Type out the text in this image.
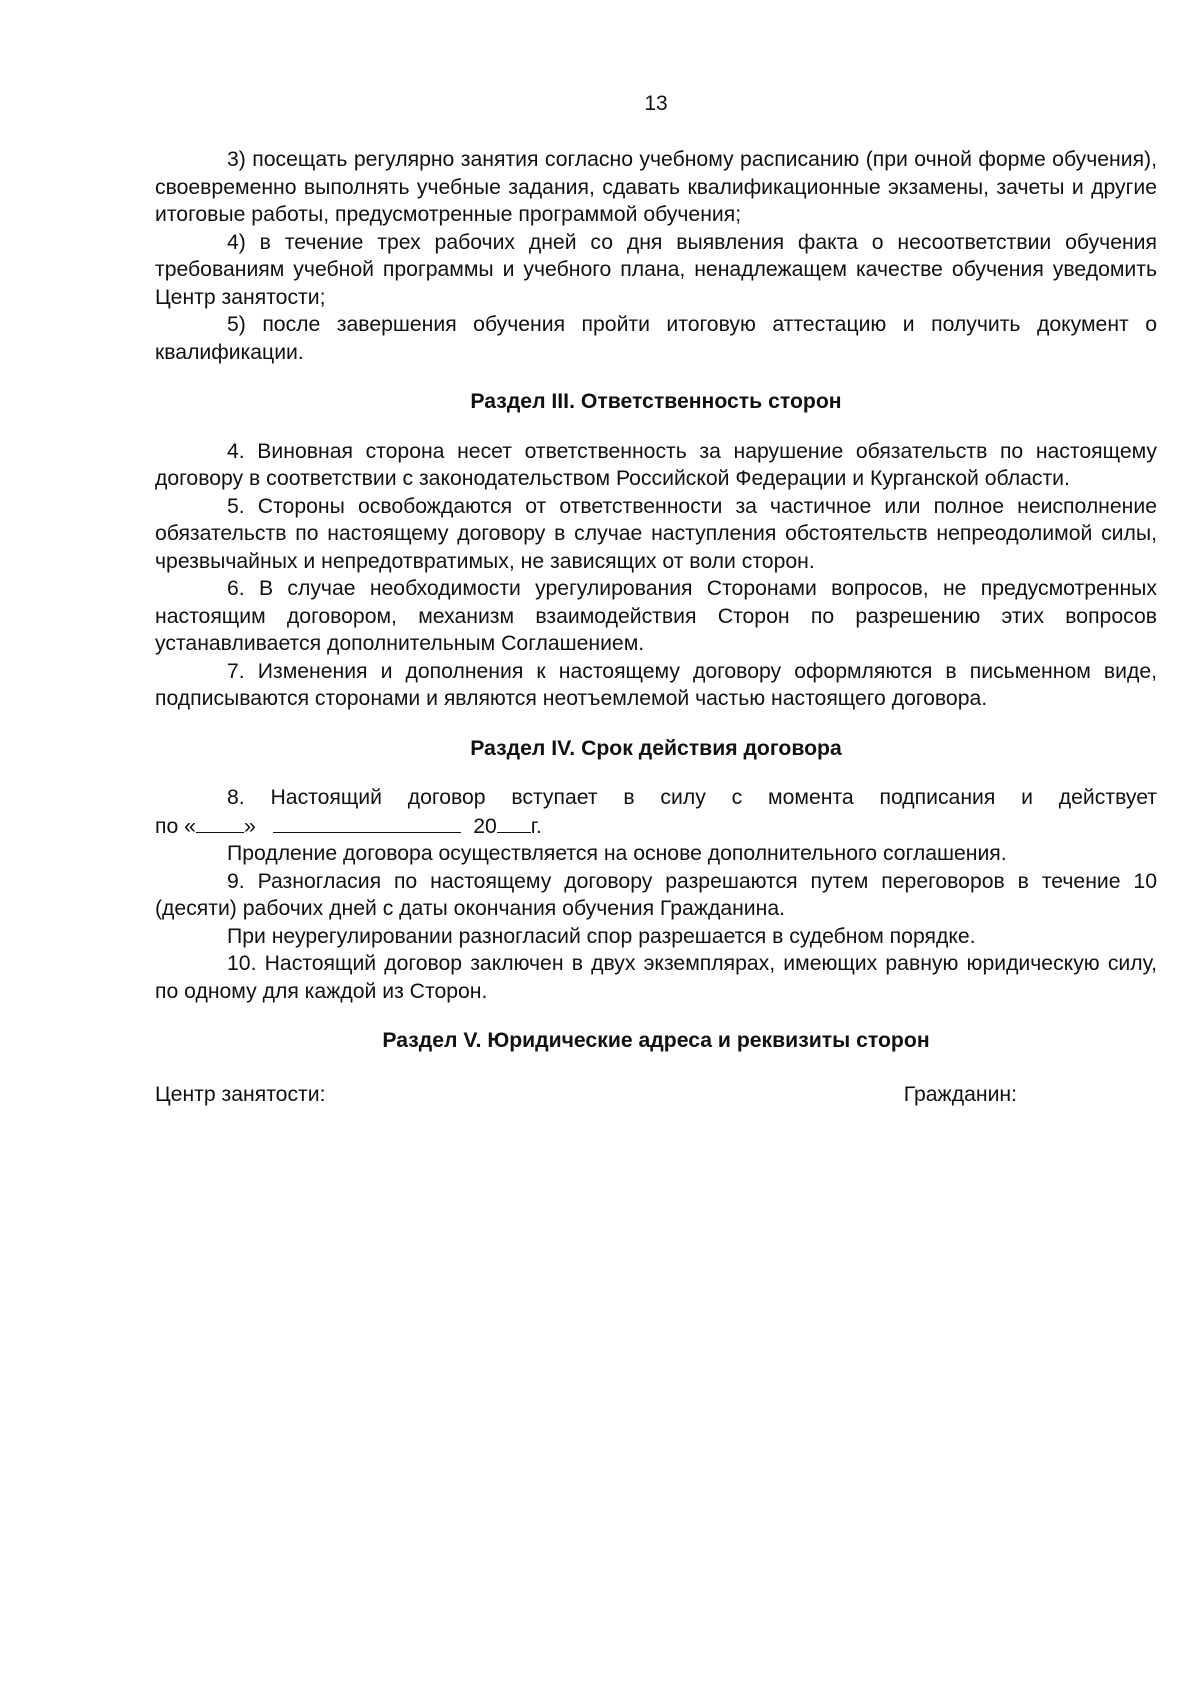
13

3) посещать регулярно занятия согласно учебному расписанию (при очной форме обучения), своевременно выполнять учебные задания, сдавать квалификационные экзамены, зачеты и другие итоговые работы, предусмотренные программой обучения;

4) в течение трех рабочих дней со дня выявления факта о несоответствии обучения требованиям учебной программы и учебного плана, ненадлежащем качестве обучения уведомить Центр занятости;

5) после завершения обучения пройти итоговую аттестацию и получить документ о квалификации.

Раздел III. Ответственность сторон

4. Виновная сторона несет ответственность за нарушение обязательств по настоящему договору в соответствии с законодательством Российской Федерации и Курганской области.

5. Стороны освобождаются от ответственности за частичное или полное неисполнение обязательств по настоящему договору в случае наступления обстоятельств непреодолимой силы, чрезвычайных и непредотвратимых, не зависящих от воли сторон.

6. В случае необходимости урегулирования Сторонами вопросов, не предусмотренных настоящим договором, механизм взаимодействия Сторон по разрешению этих вопросов устанавливается дополнительным Соглашением.

7. Изменения и дополнения к настоящему договору оформляются в письменном виде, подписываются сторонами и являются неотъемлемой частью настоящего договора.

Раздел IV. Срок действия договора

8. Настоящий договор вступает в силу с момента подписания и действует

по « »	20 г.

Продление договора осуществляется на основе дополнительного соглашения.

9. Разногласия по настоящему договору разрешаются путем переговоров в течение 10 (десяти) рабочих дней с даты окончания обучения Гражданина.

При неурегулировании разногласий спор разрешается в судебном порядке.

10. Настоящий договор заключен в двух экземплярах, имеющих равную юридическую силу, по одному для каждой из Сторон.

Раздел V. Юридические адреса и реквизиты сторон

Центр занятости:	Гражданин:
